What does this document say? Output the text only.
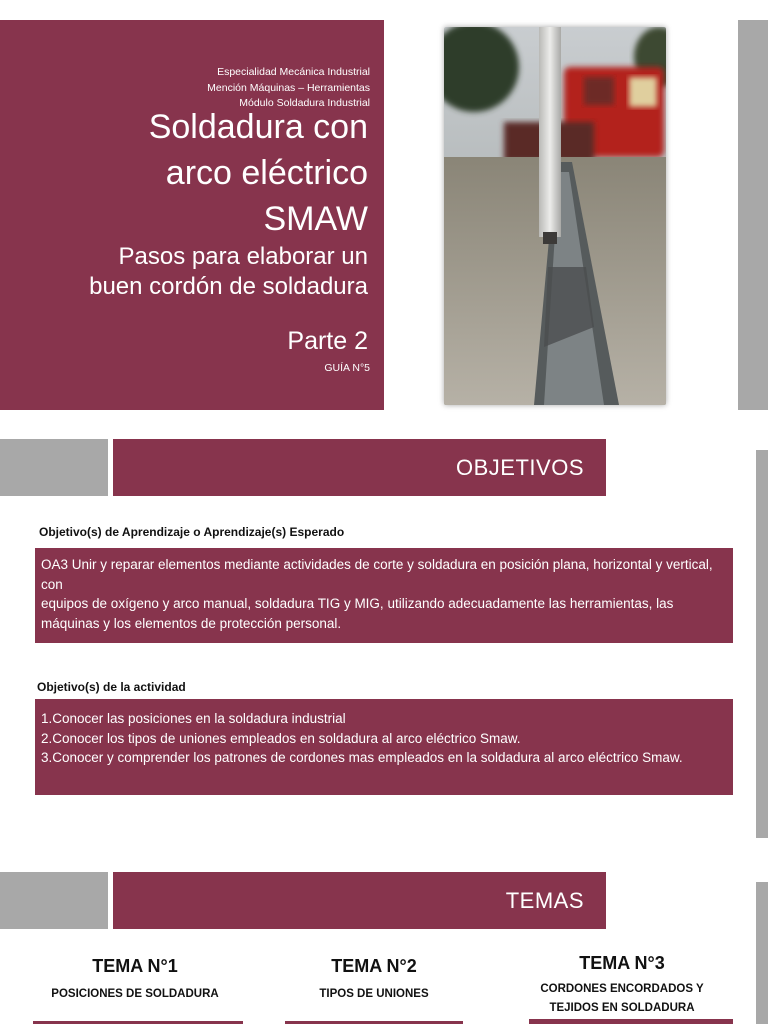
Especialidad Mecánica Industrial
Mención Máquinas – Herramientas
Módulo Soldadura Industrial
Soldadura con
arco eléctrico
SMAW
Pasos para elaborar un
buen cordón de soldadura
Parte 2
GUÍA N°5
OBJETIVOS
Objetivo(s) de Aprendizaje o Aprendizaje(s) Esperado
OA3 Unir y reparar elementos mediante actividades de corte y soldadura en posición plana, horizontal y vertical, con
equipos de oxígeno y arco manual, soldadura TIG y MIG, utilizando adecuadamente las herramientas, las máquinas y los elementos de protección personal.
Objetivo(s) de la actividad
1.Conocer las posiciones en la soldadura industrial
2.Conocer los tipos de uniones empleados en soldadura al arco eléctrico Smaw.
3.Conocer y comprender los patrones de cordones mas empleados en la soldadura al arco eléctrico Smaw.
TEMAS
TEMA N°1
POSICIONES DE SOLDADURA
TEMA N°2
TIPOS DE UNIONES
TEMA N°3
CORDONES ENCORDADOS Y
TEJIDOS EN SOLDADURA
